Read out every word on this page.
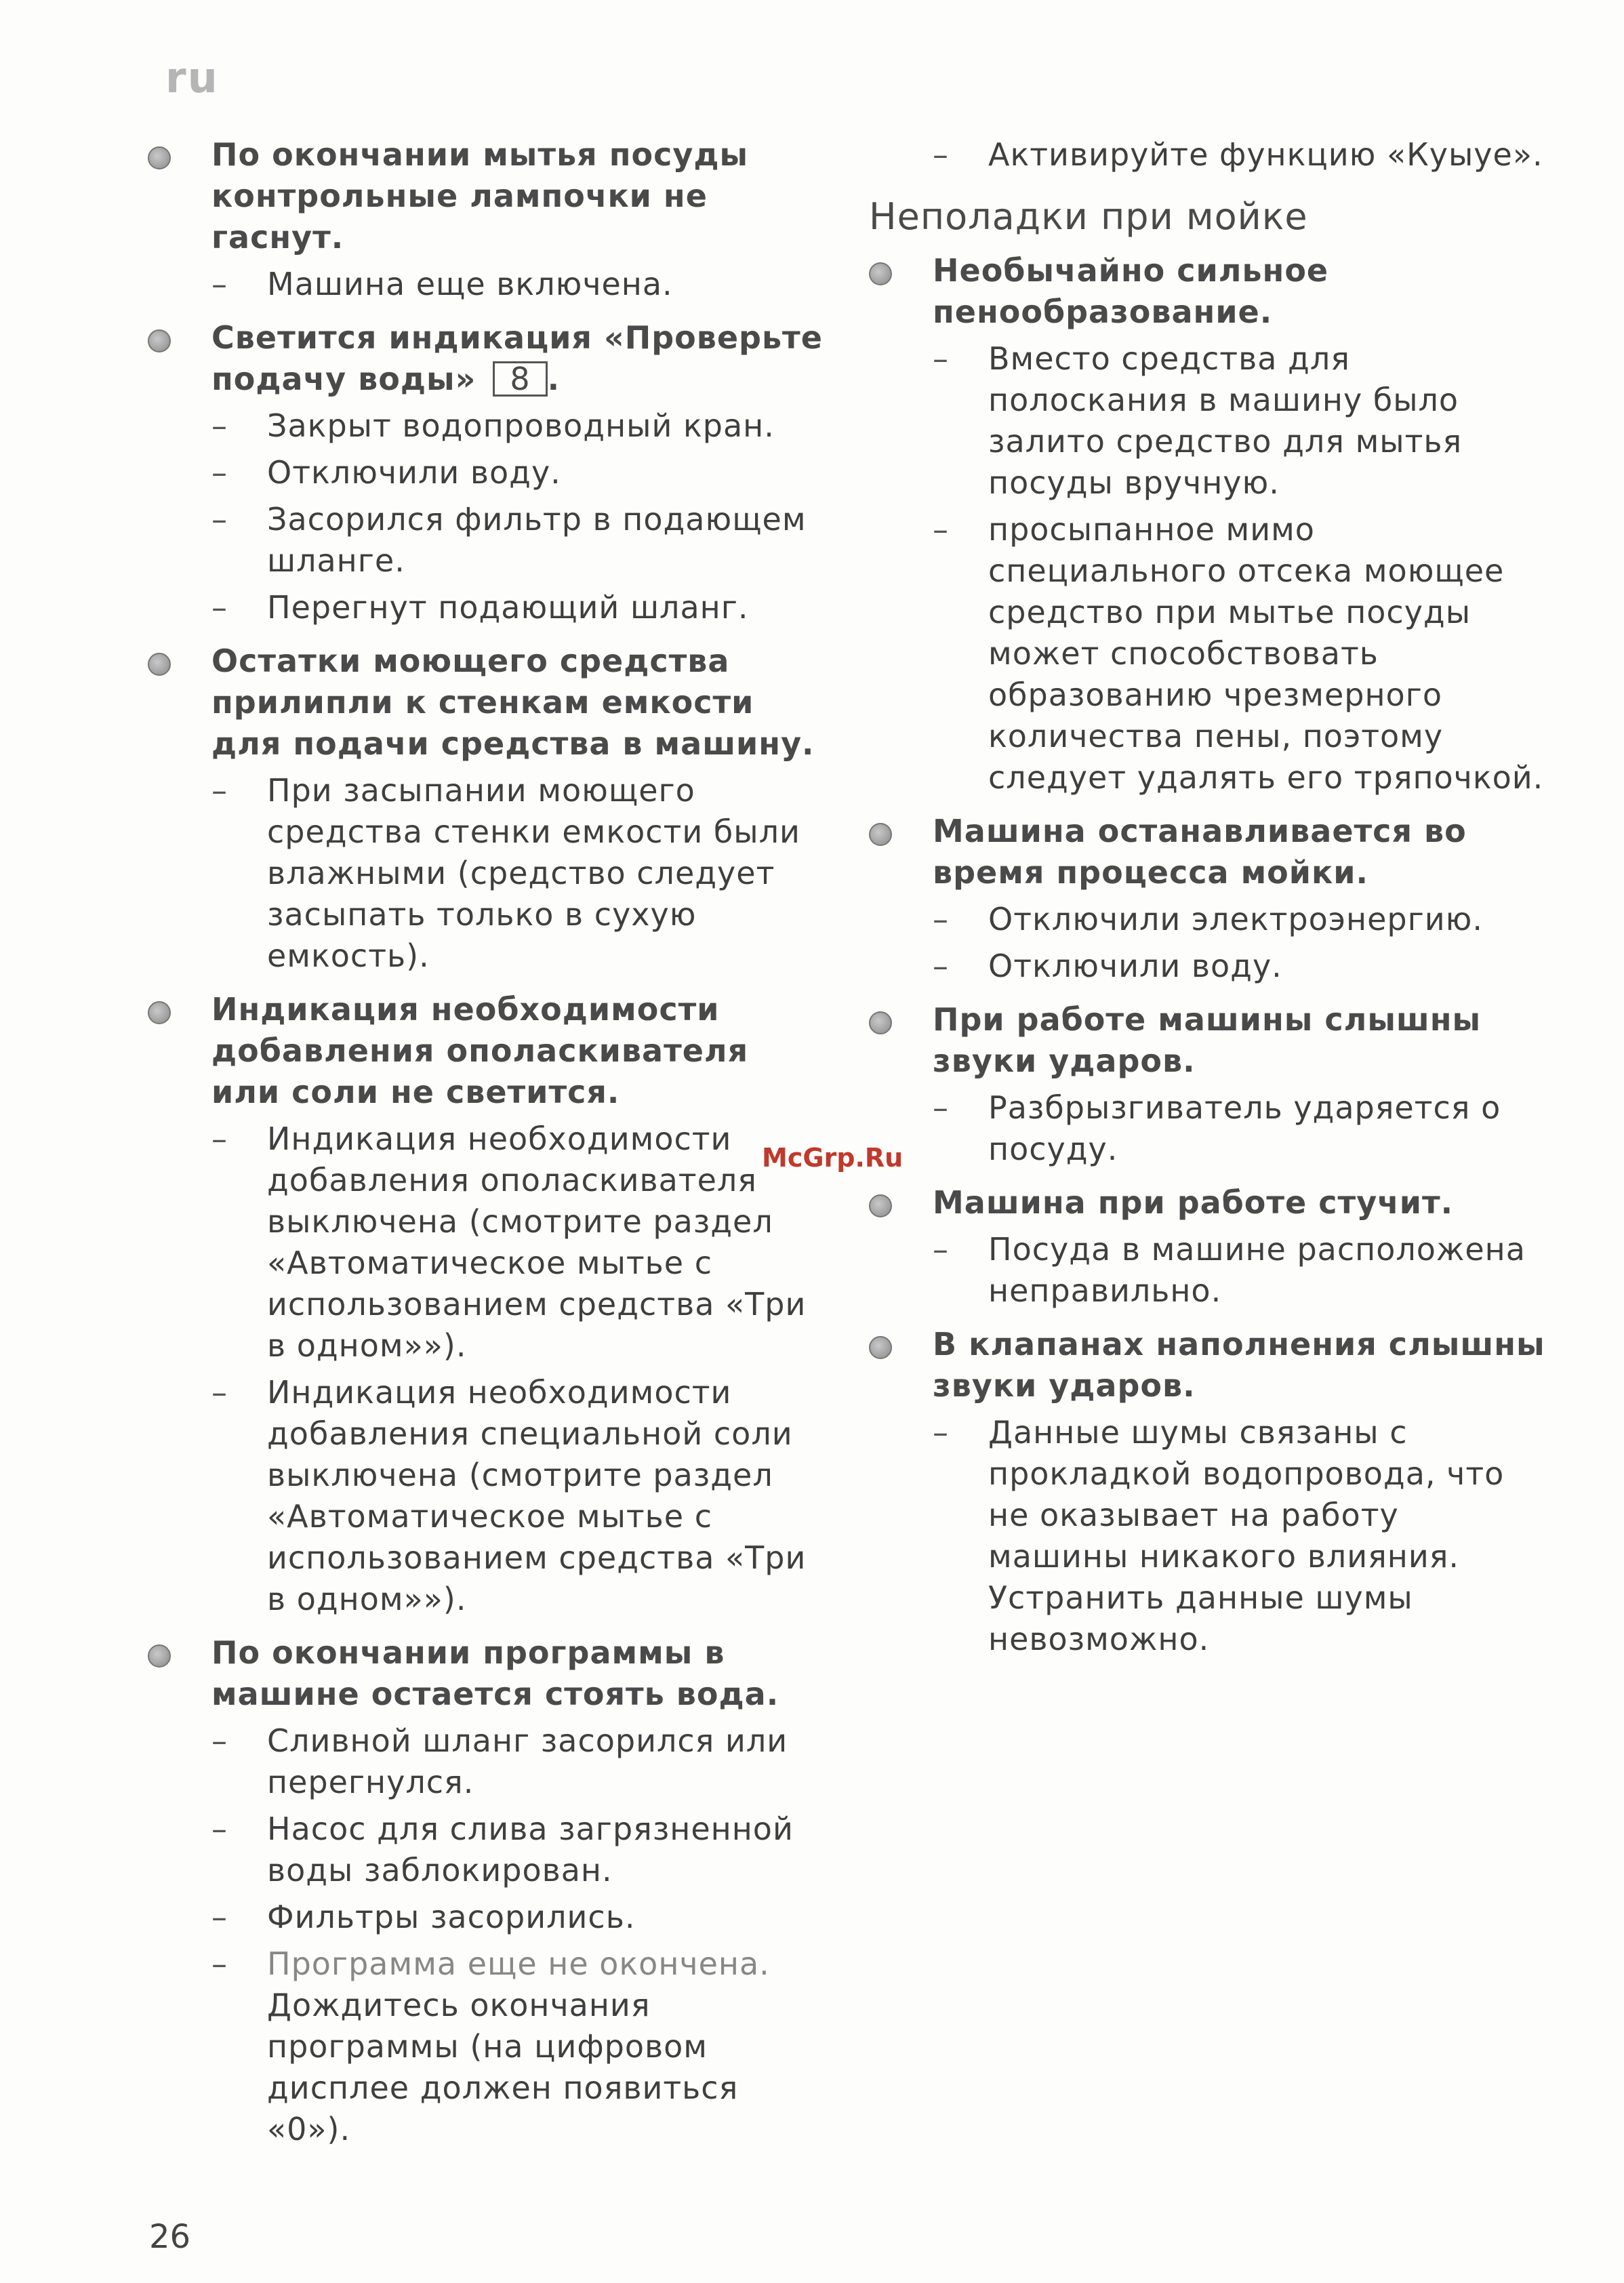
ru
По окончании мытья посуды контрольные лампочки не гаснут.
– Машина еще включена.
Светится индикация «Проверьте подачу воды» 8 .
– Закрыт водопроводный кран.
– Отключили воду.
– Засорился фильтр в подающем шланге.
– Перегнут подающий шланг.
Остатки моющего средства прилипли к стенкам емкости для подачи средства в машину.
– При засыпании моющего средства стенки емкости были влажными (средство следует засыпать только в сухую емкость).
Индикация необходимости добавления ополаскивателя или соли не светится.
– Индикация необходимости добавления ополаскивателя выключена (смотрите раздел «Автоматическое мытье с использованием средства «Три в одном»»).
– Индикация необходимости добавления специальной соли выключена (смотрите раздел «Автоматическое мытье с использованием средства «Три в одном»»).
По окончании программы в машине остается стоять вода.
– Сливной шланг засорился или перегнулся.
– Насос для слива загрязненной воды заблокирован.
– Фильтры засорились.
– Программа еще не окончена.
Дождитесь окончания программы (на цифровом дисплее должен появиться «0»).
– Активируйте функцию «Куыуе».
Неполадки при мойке
Необычайно сильное пенообразование.
– Вместо средства для полоскания в машину было залито средство для мытья посуды вручную.
– просыпанное мимо специального отсека моющее средство при мытье посуды может способствовать образованию чрезмерного количества пены, поэтому следует удалять его тряпочкой.
Машина останавливается во время процесса мойки.
– Отключили электроэнергию.
– Отключили воду.
При работе машины слышны звуки ударов.
– Разбрызгиватель ударяется о посуду.
Машина при работе стучит.
– Посуда в машине расположена неправильно.
В клапанах наполнения слышны звуки ударов.
– Данные шумы связаны с прокладкой водопровода, что не оказывает на работу машины никакого влияния. Устранить данные шумы невозможно.
McGrp.Ru
26
